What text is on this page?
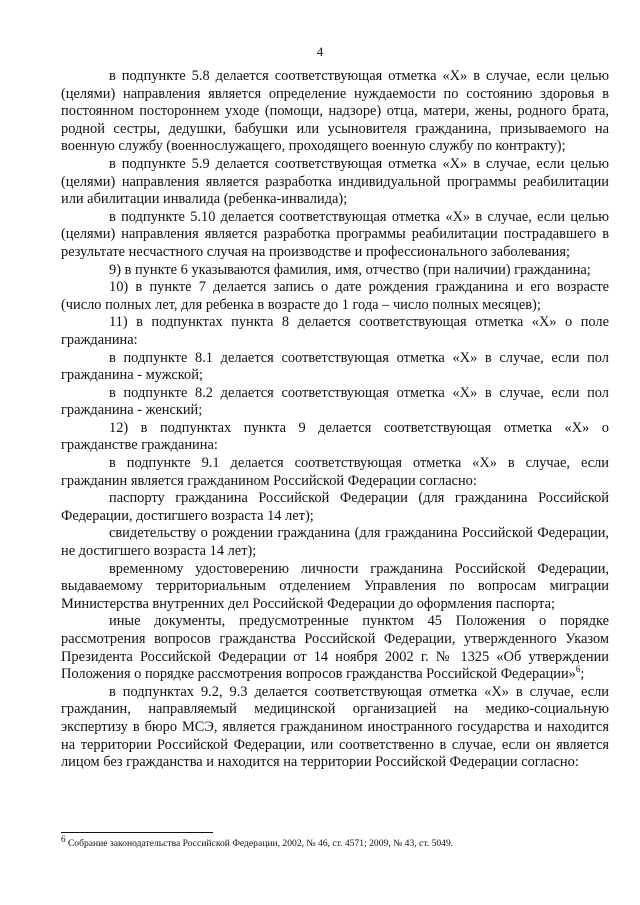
4

в подпункте 5.8 делается соответствующая отметка «X» в случае, если целью (целями) направления является определение нуждаемости по состоянию здоровья в постоянном постороннем уходе (помощи, надзоре) отца, матери, жены, родного брата, родной сестры, дедушки, бабушки или усыновителя гражданина, призываемого на военную службу (военнослужащего, проходящего военную службу по контракту);

в подпункте 5.9 делается соответствующая отметка «X» в случае, если целью (целями) направления является разработка индивидуальной программы реабилитации или абилитации инвалида (ребенка-инвалида);

в подпункте 5.10 делается соответствующая отметка «X» в случае, если целью (целями) направления является разработка программы реабилитации пострадавшего в результате несчастного случая на производстве и профессионального заболевания;

9) в пункте 6 указываются фамилия, имя, отчество (при наличии) гражданина;

10) в пункте 7 делается запись о дате рождения гражданина и его возрасте (число полных лет, для ребенка в возрасте до 1 года – число полных месяцев);

11) в подпунктах пункта 8 делается соответствующая отметка «X» о поле гражданина:

в подпункте 8.1 делается соответствующая отметка «X» в случае, если пол гражданина - мужской;

в подпункте 8.2 делается соответствующая отметка «X» в случае, если пол гражданина - женский;

12) в подпунктах пункта 9 делается соответствующая отметка «X» о гражданстве гражданина:

в подпункте 9.1 делается соответствующая отметка «X» в случае, если гражданин является гражданином Российской Федерации согласно:

паспорту гражданина Российской Федерации (для гражданина Российской Федерации, достигшего возраста 14 лет);

свидетельству о рождении гражданина (для гражданина Российской Федерации, не достигшего возраста 14 лет);

временному удостоверению личности гражданина Российской Федерации, выдаваемому территориальным отделением Управления по вопросам миграции Министерства внутренних дел Российской Федерации до оформления паспорта;

иные документы, предусмотренные пунктом 45 Положения о порядке рассмотрения вопросов гражданства Российской Федерации, утвержденного Указом Президента Российской Федерации от 14 ноября 2002 г. № 1325 «Об утверждении Положения о порядке рассмотрения вопросов гражданства Российской Федерации»$^6$;

в подпунктах 9.2, 9.3 делается соответствующая отметка «X» в случае, если гражданин, направляемый медицинской организацией на медико-социальную экспертизу в бюро МСЭ, является гражданином иностранного государства и находится на территории Российской Федерации, или соответственно в случае, если он является лицом без гражданства и находится на территории Российской Федерации согласно:

$^6$ Собрание законодательства Российской Федерации, 2002, № 46, ст. 4571; 2009, № 43, ст. 5049.
